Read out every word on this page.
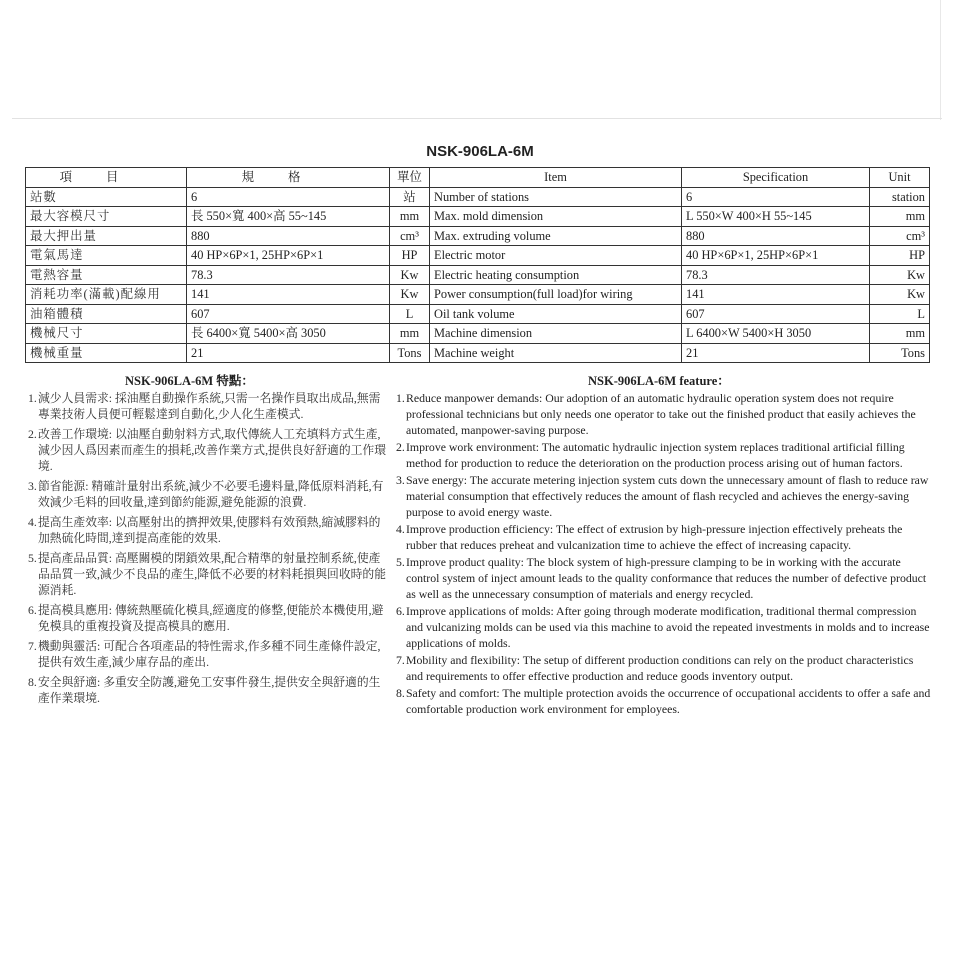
NSK-906LA-6M
項目	規格	單位	Item	Specification	Unit
站數	6	站	Number of stations	6	station
最大容模尺寸	長 550×寬 400×高 55~145	mm	Max. mold dimension	L 550×W 400×H 55~145	mm
最大押出量	880	cm³	Max. extruding volume	880	cm³
電氣馬達	40 HP×6P×1, 25HP×6P×1	HP	Electric motor	40 HP×6P×1, 25HP×6P×1	HP
電熱容量	78.3	Kw	Electric heating consumption	78.3	Kw
消耗功率(滿載)配線用	141	Kw	Power consumption(full load)for wiring	141	Kw
油箱體積	607	L	Oil tank volume	607	L
機械尺寸	長 6400×寬 5400×高 3050	mm	Machine dimension	L 6400×W 5400×H 3050	mm
機械重量	21	Tons	Machine weight	21	Tons
NSK-906LA-6M 特點：	NSK-906LA-6M feature：
1. 減少人員需求: 採油壓自動操作系統,只需一名操作員取出成品,無需專業技術人員便可輕鬆達到自動化,少人化生產模式.
2. 改善工作環境: 以油壓自動射料方式,取代傳統人工充填料方式生產,減少因人爲因素而產生的損耗,改善作業方式,提供良好舒適的工作環境.
3. 節省能源: 精確計量射出系統,減少不必要毛邊料量,降低原料消耗,有效減少毛料的回收量,達到節約能源,避免能源的浪費.
4. 提高生產效率: 以高壓射出的擠押效果,使膠料有效預熱,縮減膠料的加熱硫化時間,達到提高產能的效果.
5. 提高產品品質: 高壓關模的閉鎖效果,配合精準的射量控制系統,使產品品質一致,減少不良品的產生,降低不必要的材料耗損與回收時的能源消耗.
6. 提高模具應用: 傳統熱壓硫化模具,經適度的修整,便能於本機使用,避免模具的重複投資及提高模具的應用.
7. 機動與靈活: 可配合各項產品的特性需求,作多種不同生產條件設定,提供有效生產,減少庫存品的產出.
8. 安全與舒適: 多重安全防護,避免工安事件發生,提供安全與舒適的生產作業環境.
1. Reduce manpower demands: Our adoption of an automatic hydraulic operation system does not require professional technicians but only needs one operator to take out the finished product that easily achieves the automated, manpower-saving purpose.
2. Improve work environment: The automatic hydraulic injection system replaces traditional artificial filling method for production to reduce the deterioration on the production process arising out of human factors.
3. Save energy: The accurate metering injection system cuts down the unnecessary amount of flash to reduce raw material consumption that effectively reduces the amount of flash recycled and achieves the energy-saving purpose to avoid energy waste.
4. Improve production efficiency: The effect of extrusion by high-pressure injection effectively preheats the rubber that reduces preheat and vulcanization time to achieve the effect of increasing capacity.
5. Improve product quality: The block system of high-pressure clamping to be in working with the accurate control system of inject amount leads to the quality conformance that reduces the number of defective product as well as the unnecessary consumption of materials and energy recycled.
6. Improve applications of molds: After going through moderate modification, traditional thermal compression and vulcanizing molds can be used via this machine to avoid the repeated investments in molds and to increase applications of molds.
7. Mobility and flexibility: The setup of different production conditions can rely on the product characteristics and requirements to offer effective production and reduce goods inventory output.
8. Safety and comfort: The multiple protection avoids the occurrence of occupational accidents to offer a safe and comfortable production work environment for employees.
